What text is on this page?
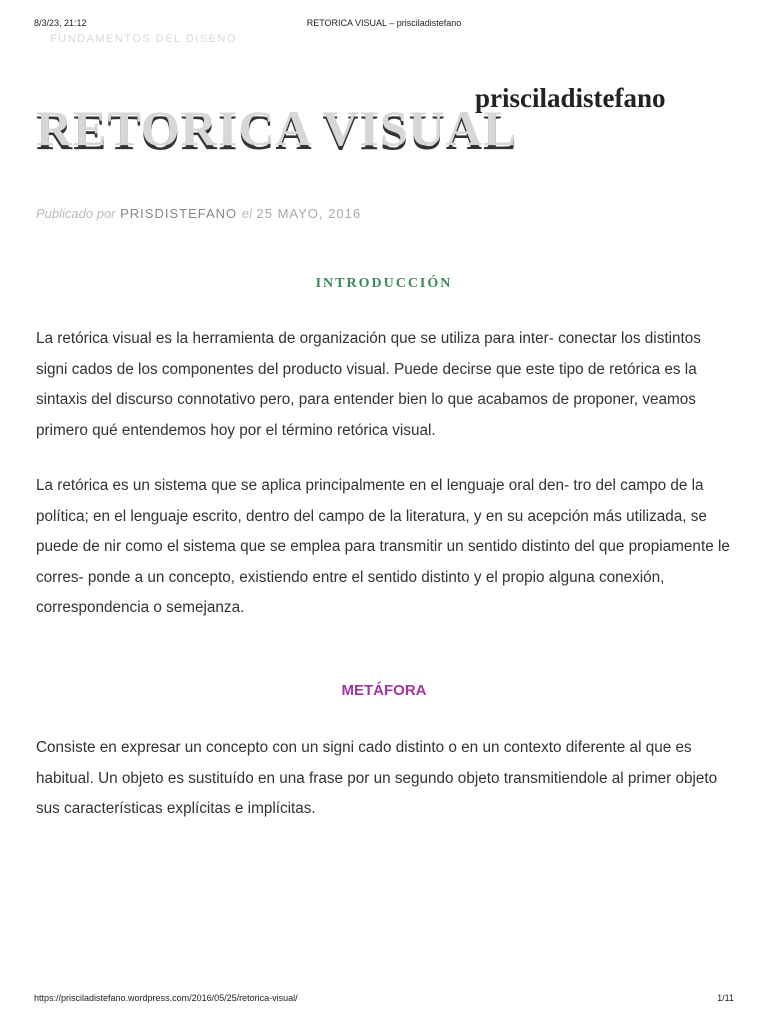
8/3/23, 21:12	RETORICA VISUAL – prisciladistefano
FUNDAMENTOS DEL DISEÑO
RETORICA VISUAL
prisciladistefano
Publicado por PRISDISTEFANO el 25 MAYO, 2016
INTRODUCCIÓN

La retórica visual es la herramienta de organización que se utiliza para inter- conectar los distintos signi cados de los componentes del producto visual. Puede decirse que este tipo de retórica es la sintaxis del discurso connotativo pero, para entender bien lo que acabamos de proponer, veamos primero qué entendemos hoy por el término retórica visual.

La retórica es un sistema que se aplica principalmente en el lenguaje oral den- tro del campo de la política; en el lenguaje escrito, dentro del campo de la literatura, y en su acepción más utilizada, se puede de nir como el sistema que se emplea para transmitir un sentido distinto del que propiamente le corres- ponde a un concepto, existiendo entre el sentido distinto y el propio alguna conexión, correspondencia o semejanza.

METÁFORA

Consiste en expresar un concepto con un signi cado distinto o en un contexto diferente al que es habitual. Un objeto es sustituído en una frase por un segundo objeto transmitiendole al primer objeto sus características explícitas e implícitas.

https://prisciladistefano.wordpress.com/2016/05/25/retorica-visual/	1/11
